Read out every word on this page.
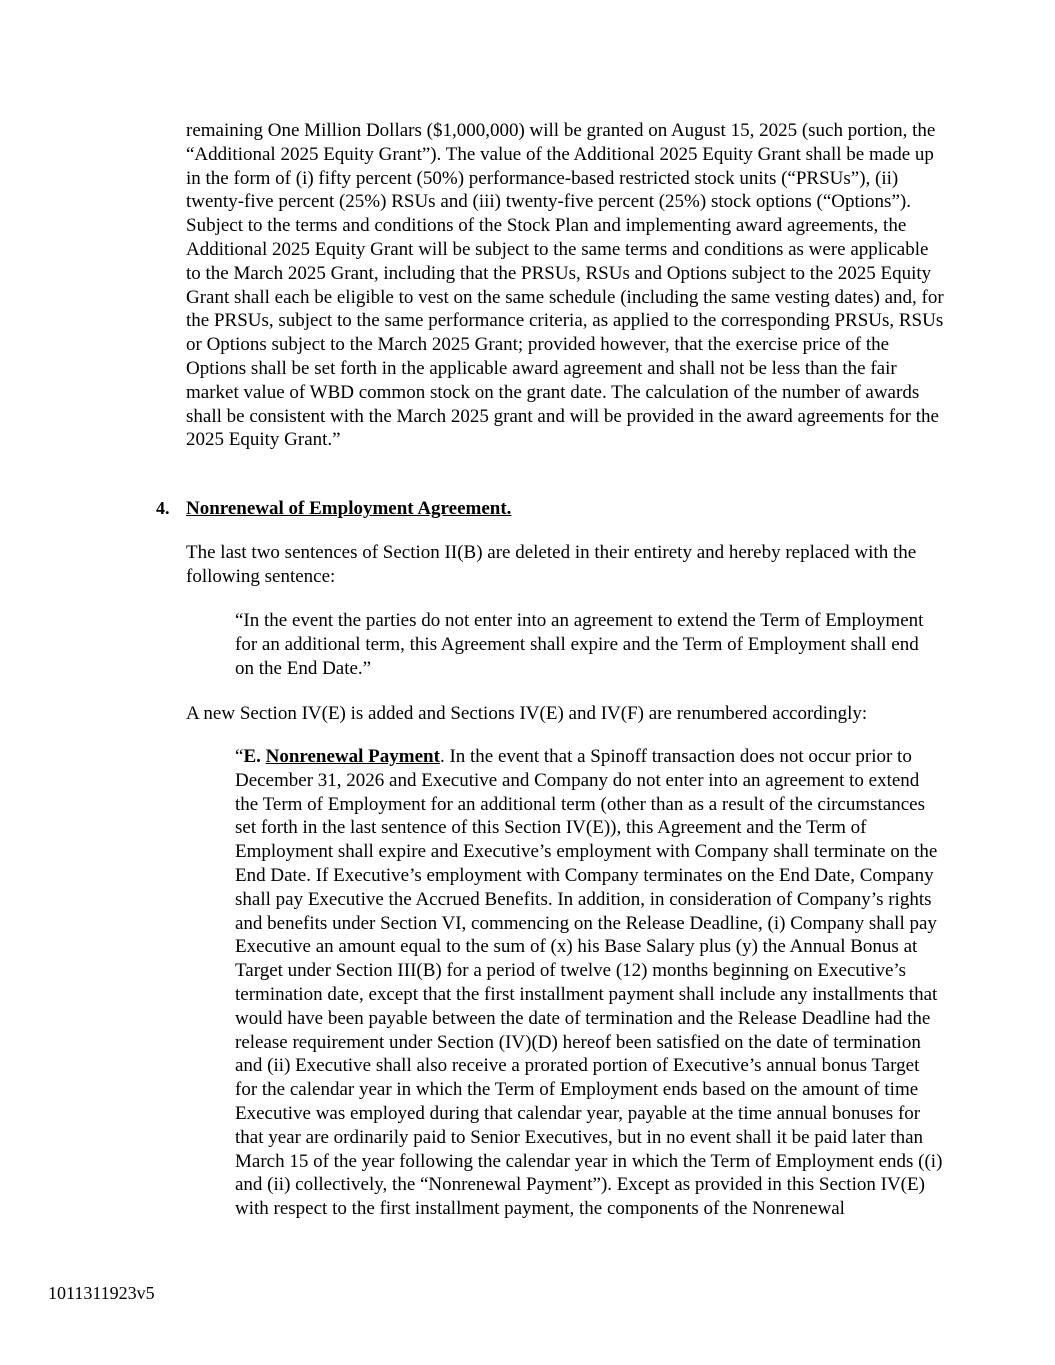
remaining One Million Dollars ($1,000,000) will be granted on August 15, 2025 (such portion, the “Additional 2025 Equity Grant”). The value of the Additional 2025 Equity Grant shall be made up in the form of (i) fifty percent (50%) performance-based restricted stock units (“PRSUs”), (ii) twenty-five percent (25%) RSUs and (iii) twenty-five percent (25%) stock options (“Options”). Subject to the terms and conditions of the Stock Plan and implementing award agreements, the Additional 2025 Equity Grant will be subject to the same terms and conditions as were applicable to the March 2025 Grant, including that the PRSUs, RSUs and Options subject to the 2025 Equity Grant shall each be eligible to vest on the same schedule (including the same vesting dates) and, for the PRSUs, subject to the same performance criteria, as applied to the corresponding PRSUs, RSUs or Options subject to the March 2025 Grant; provided however, that the exercise price of the Options shall be set forth in the applicable award agreement and shall not be less than the fair market value of WBD common stock on the grant date. The calculation of the number of awards shall be consistent with the March 2025 grant and will be provided in the award agreements for the 2025 Equity Grant.”

4. Nonrenewal of Employment Agreement.

The last two sentences of Section II(B) are deleted in their entirety and hereby replaced with the following sentence:

“In the event the parties do not enter into an agreement to extend the Term of Employment for an additional term, this Agreement shall expire and the Term of Employment shall end on the End Date.”

A new Section IV(E) is added and Sections IV(E) and IV(F) are renumbered accordingly:

“E. Nonrenewal Payment. In the event that a Spinoff transaction does not occur prior to December 31, 2026 and Executive and Company do not enter into an agreement to extend the Term of Employment for an additional term (other than as a result of the circumstances set forth in the last sentence of this Section IV(E)), this Agreement and the Term of Employment shall expire and Executive’s employment with Company shall terminate on the End Date. If Executive’s employment with Company terminates on the End Date, Company shall pay Executive the Accrued Benefits. In addition, in consideration of Company’s rights and benefits under Section VI, commencing on the Release Deadline, (i) Company shall pay Executive an amount equal to the sum of (x) his Base Salary plus (y) the Annual Bonus at Target under Section III(B) for a period of twelve (12) months beginning on Executive’s termination date, except that the first installment payment shall include any installments that would have been payable between the date of termination and the Release Deadline had the release requirement under Section (IV)(D) hereof been satisfied on the date of termination and (ii) Executive shall also receive a prorated portion of Executive’s annual bonus Target for the calendar year in which the Term of Employment ends based on the amount of time Executive was employed during that calendar year, payable at the time annual bonuses for that year are ordinarily paid to Senior Executives, but in no event shall it be paid later than March 15 of the year following the calendar year in which the Term of Employment ends ((i) and (ii) collectively, the “Nonrenewal Payment”). Except as provided in this Section IV(E) with respect to the first installment payment, the components of the Nonrenewal

1011311923v5
